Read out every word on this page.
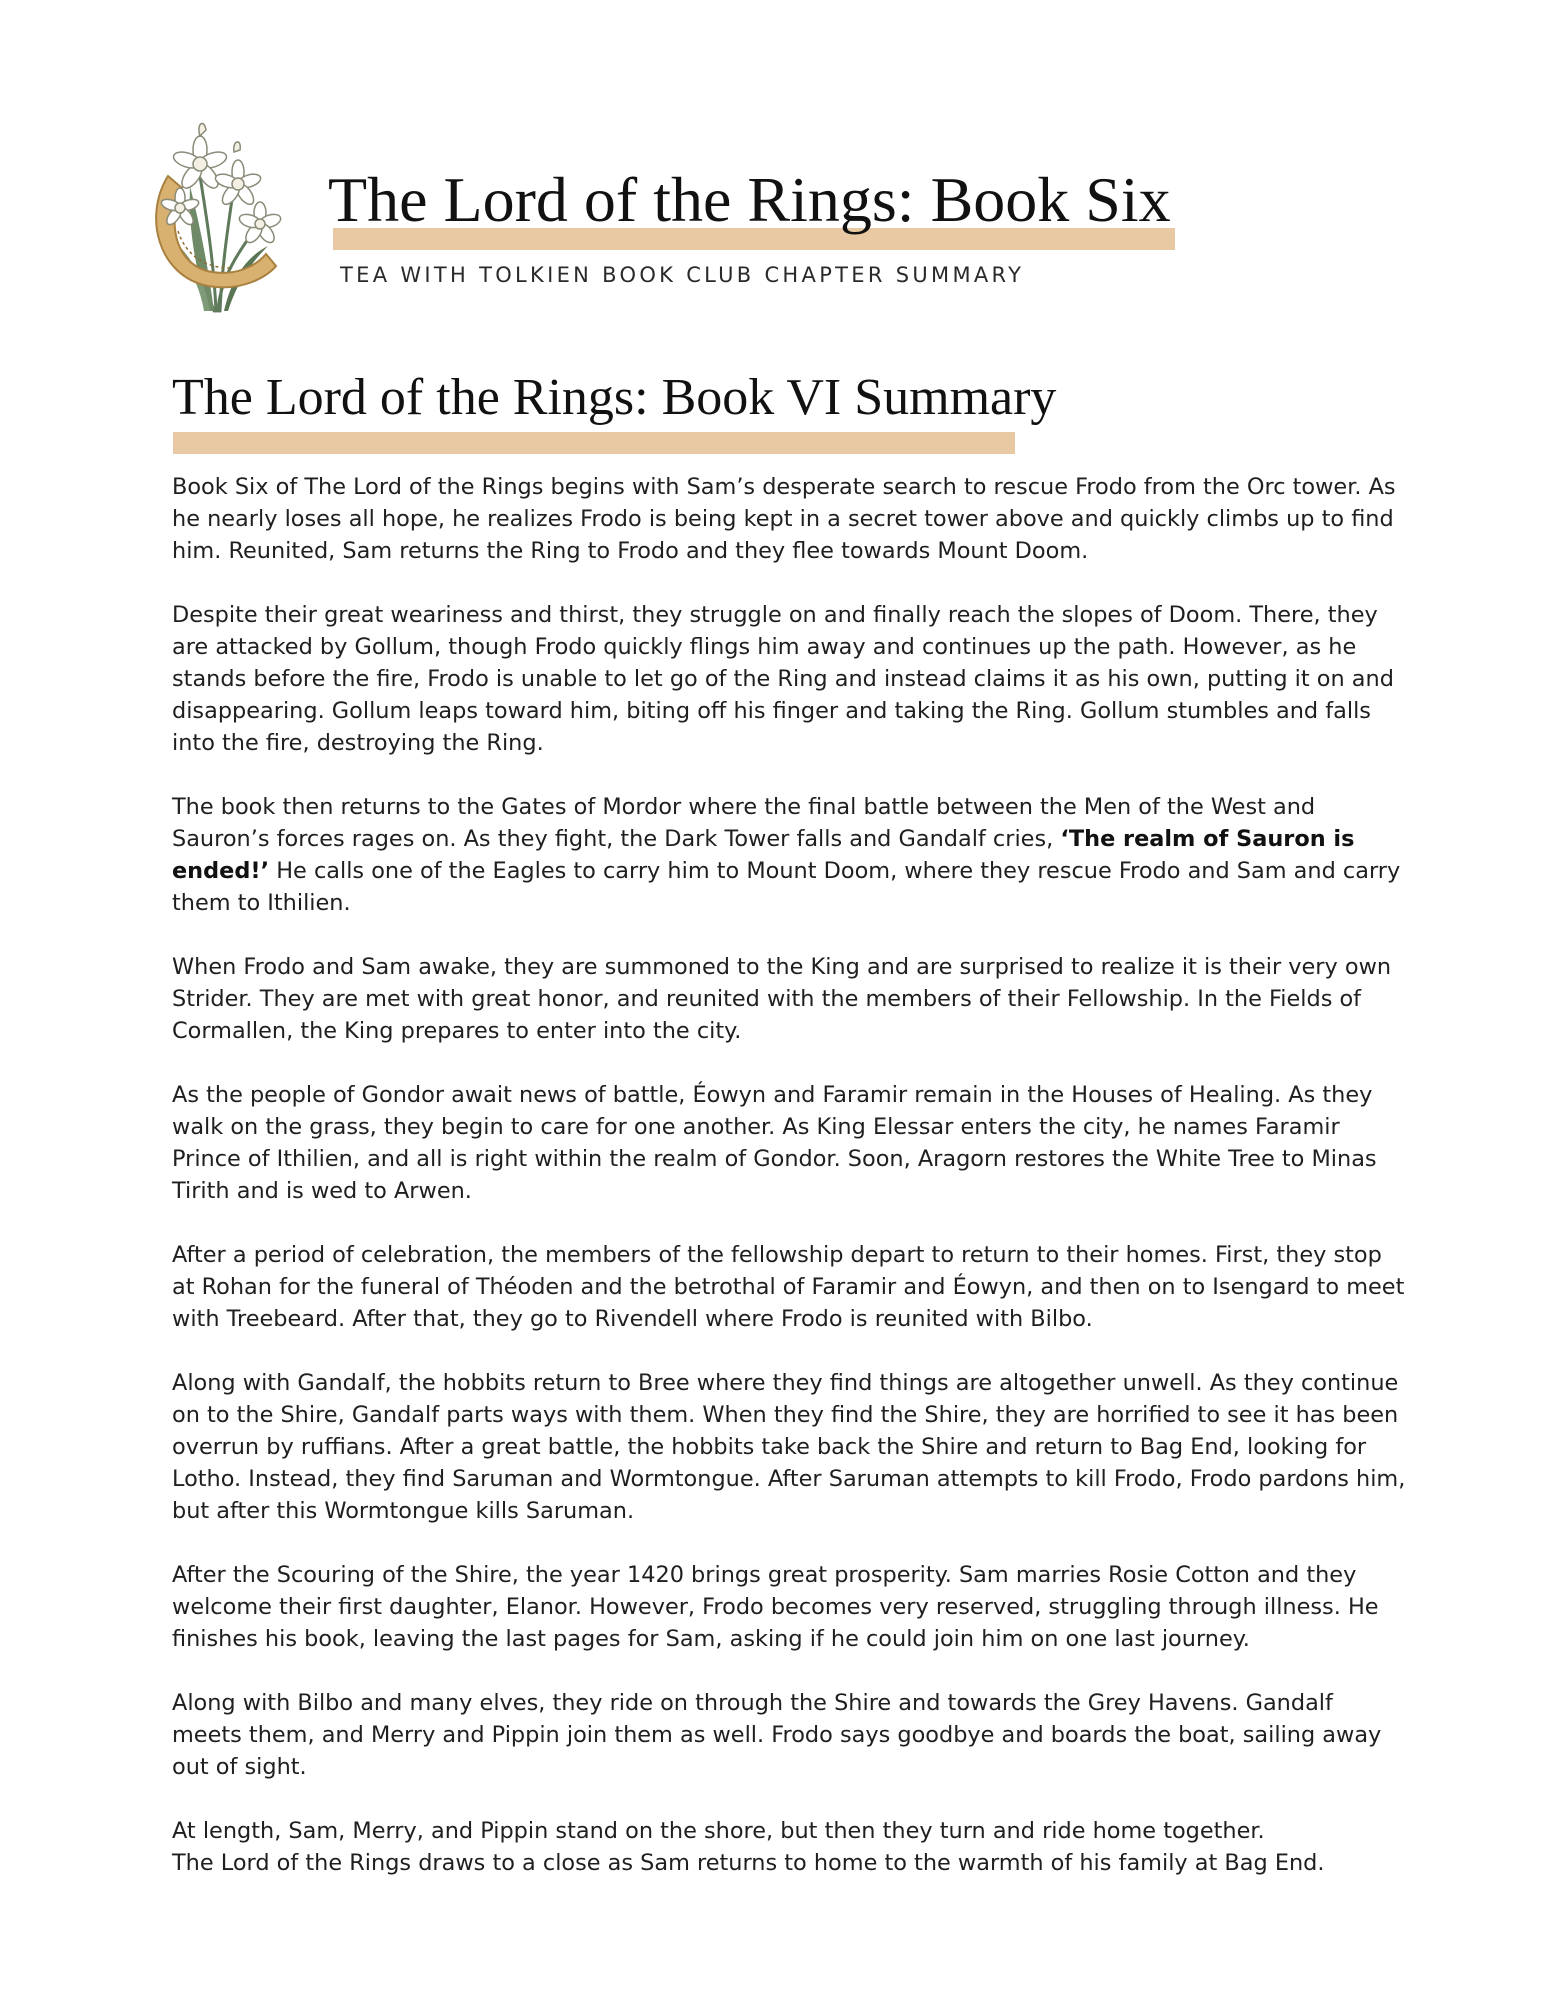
The Lord of the Rings: Book Six
TEA WITH TOLKIEN BOOK CLUB CHAPTER SUMMARY
The Lord of the Rings: Book VI Summary

Book Six of The Lord of the Rings begins with Sam’s desperate search to rescue Frodo from the Orc tower. As he nearly loses all hope, he realizes Frodo is being kept in a secret tower above and quickly climbs up to find him. Reunited, Sam returns the Ring to Frodo and they flee towards Mount Doom.

Despite their great weariness and thirst, they struggle on and finally reach the slopes of Doom. There, they are attacked by Gollum, though Frodo quickly flings him away and continues up the path. However, as he stands before the fire, Frodo is unable to let go of the Ring and instead claims it as his own, putting it on and disappearing. Gollum leaps toward him, biting off his finger and taking the Ring. Gollum stumbles and falls into the fire, destroying the Ring.

The book then returns to the Gates of Mordor where the final battle between the Men of the West and Sauron’s forces rages on. As they fight, the Dark Tower falls and Gandalf cries, ‘The realm of Sauron is ended!’ He calls one of the Eagles to carry him to Mount Doom, where they rescue Frodo and Sam and carry them to Ithilien.

When Frodo and Sam awake, they are summoned to the King and are surprised to realize it is their very own Strider. They are met with great honor, and reunited with the members of their Fellowship. In the Fields of Cormallen, the King prepares to enter into the city.

As the people of Gondor await news of battle, Éowyn and Faramir remain in the Houses of Healing. As they walk on the grass, they begin to care for one another. As King Elessar enters the city, he names Faramir Prince of Ithilien, and all is right within the realm of Gondor. Soon, Aragorn restores the White Tree to Minas Tirith and is wed to Arwen.

After a period of celebration, the members of the fellowship depart to return to their homes. First, they stop at Rohan for the funeral of Théoden and the betrothal of Faramir and Éowyn, and then on to Isengard to meet with Treebeard. After that, they go to Rivendell where Frodo is reunited with Bilbo.

Along with Gandalf, the hobbits return to Bree where they find things are altogether unwell. As they continue on to the Shire, Gandalf parts ways with them. When they find the Shire, they are horrified to see it has been overrun by ruffians. After a great battle, the hobbits take back the Shire and return to Bag End, looking for Lotho. Instead, they find Saruman and Wormtongue. After Saruman attempts to kill Frodo, Frodo pardons him, but after this Wormtongue kills Saruman.

After the Scouring of the Shire, the year 1420 brings great prosperity. Sam marries Rosie Cotton and they welcome their first daughter, Elanor. However, Frodo becomes very reserved, struggling through illness. He finishes his book, leaving the last pages for Sam, asking if he could join him on one last journey.

Along with Bilbo and many elves, they ride on through the Shire and towards the Grey Havens. Gandalf meets them, and Merry and Pippin join them as well. Frodo says goodbye and boards the boat, sailing away out of sight.

At length, Sam, Merry, and Pippin stand on the shore, but then they turn and ride home together.
The Lord of the Rings draws to a close as Sam returns to home to the warmth of his family at Bag End.
